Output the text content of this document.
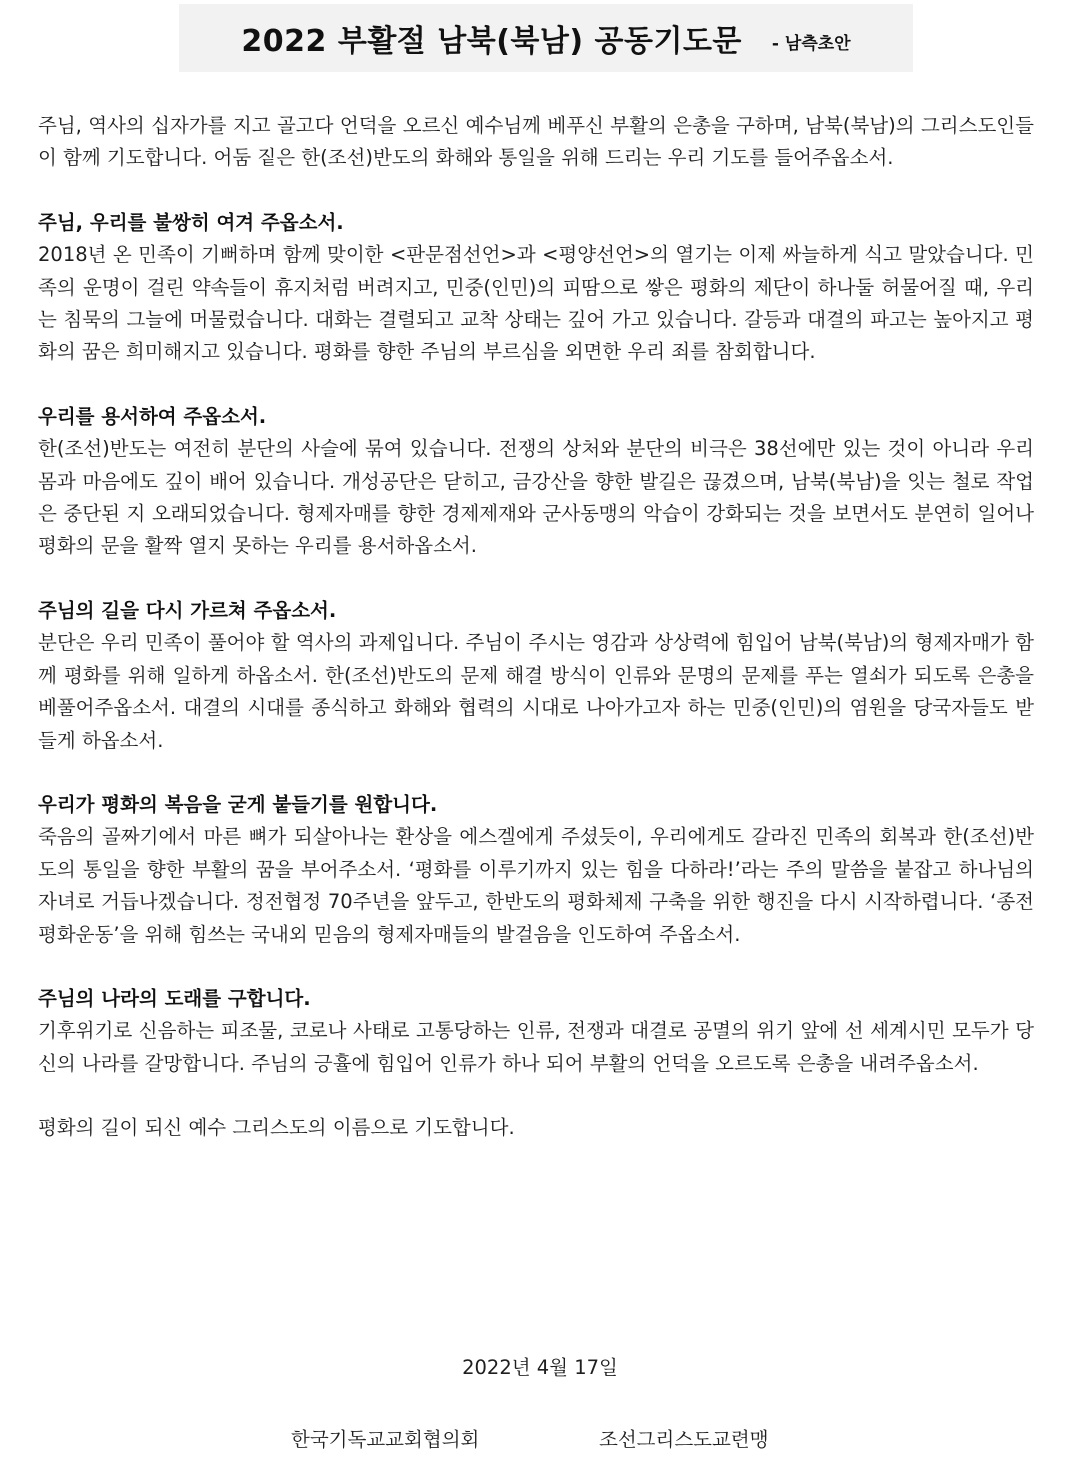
2022 부활절 남북(북남) 공동기도문 - 남측초안

주님, 역사의 십자가를 지고 골고다 언덕을 오르신 예수님께 베푸신 부활의 은총을 구하며, 남북(북남)의 그리스도인들이 함께 기도합니다. 어둠 짙은 한(조선)반도의 화해와 통일을 위해 드리는 우리 기도를 들어주옵소서.

주님, 우리를 불쌍히 여겨 주옵소서.

2018년 온 민족이 기뻐하며 함께 맞이한 <판문점선언>과 <평양선언>의 열기는 이제 싸늘하게 식고 말았습니다. 민족의 운명이 걸린 약속들이 휴지처럼 버려지고, 민중(인민)의 피땀으로 쌓은 평화의 제단이 하나둘 허물어질 때, 우리는 침묵의 그늘에 머물렀습니다. 대화는 결렬되고 교착 상태는 깊어 가고 있습니다. 갈등과 대결의 파고는 높아지고 평화의 꿈은 희미해지고 있습니다. 평화를 향한 주님의 부르심을 외면한 우리 죄를 참회합니다.

우리를 용서하여 주옵소서.

한(조선)반도는 여전히 분단의 사슬에 묶여 있습니다. 전쟁의 상처와 분단의 비극은 38선에만 있는 것이 아니라 우리 몸과 마음에도 깊이 배어 있습니다. 개성공단은 닫히고, 금강산을 향한 발길은 끊겼으며, 남북(북남)을 잇는 철로 작업은 중단된 지 오래되었습니다. 형제자매를 향한 경제제재와 군사동맹의 악습이 강화되는 것을 보면서도 분연히 일어나 평화의 문을 활짝 열지 못하는 우리를 용서하옵소서.

주님의 길을 다시 가르쳐 주옵소서.

분단은 우리 민족이 풀어야 할 역사의 과제입니다. 주님이 주시는 영감과 상상력에 힘입어 남북(북남)의 형제자매가 함께 평화를 위해 일하게 하옵소서. 한(조선)반도의 문제 해결 방식이 인류와 문명의 문제를 푸는 열쇠가 되도록 은총을 베풀어주옵소서. 대결의 시대를 종식하고 화해와 협력의 시대로 나아가고자 하는 민중(인민)의 염원을 당국자들도 받들게 하옵소서.

우리가 평화의 복음을 굳게 붙들기를 원합니다.

죽음의 골짜기에서 마른 뼈가 되살아나는 환상을 에스겔에게 주셨듯이, 우리에게도 갈라진 민족의 회복과 한(조선)반도의 통일을 향한 부활의 꿈을 부어주소서. ‘평화를 이루기까지 있는 힘을 다하라!’라는 주의 말씀을 붙잡고 하나님의 자녀로 거듭나겠습니다. 정전협정 70주년을 앞두고, 한반도의 평화체제 구축을 위한 행진을 다시 시작하렵니다. ‘종전평화운동’을 위해 힘쓰는 국내외 믿음의 형제자매들의 발걸음을 인도하여 주옵소서.

주님의 나라의 도래를 구합니다.

기후위기로 신음하는 피조물, 코로나 사태로 고통당하는 인류, 전쟁과 대결로 공멸의 위기 앞에 선 세계시민 모두가 당신의 나라를 갈망합니다. 주님의 긍휼에 힘입어 인류가 하나 되어 부활의 언덕을 오르도록 은총을 내려주옵소서.

평화의 길이 되신 예수 그리스도의 이름으로 기도합니다.

2022년 4월 17일
한국기독교교회협의회	조선그리스도교련맹
